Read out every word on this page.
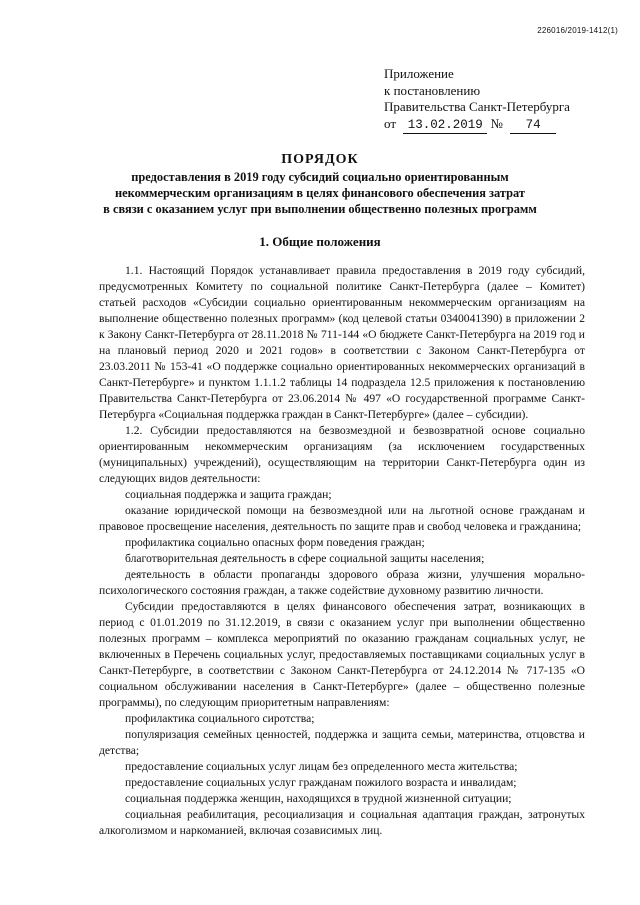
226016/2019-1412(1)
Приложение
к постановлению
Правительства Санкт-Петербурга
от 13.02.2019 № 74
ПОРЯДОК
предоставления в 2019 году субсидий социально ориентированным
некоммерческим организациям в целях финансового обеспечения затрат
в связи с оказанием услуг при выполнении общественно полезных программ
1. Общие положения

1.1. Настоящий Порядок устанавливает правила предоставления в 2019 году субсидий, предусмотренных Комитету по социальной политике Санкт-Петербурга (далее – Комитет) статьей расходов «Субсидии социально ориентированным некоммерческим организациям на выполнение общественно полезных программ» (код целевой статьи 0340041390) в приложении 2 к Закону Санкт-Петербурга от 28.11.2018 № 711-144 «О бюджете Санкт-Петербурга на 2019 год и на плановый период 2020 и 2021 годов» в соответствии с Законом Санкт-Петербурга от 23.03.2011 № 153-41 «О поддержке социально ориентированных некоммерческих организаций в Санкт-Петербурге» и пунктом 1.1.1.2 таблицы 14 подраздела 12.5 приложения к постановлению Правительства Санкт-Петербурга от 23.06.2014 № 497 «О государственной программе Санкт-Петербурга «Социальная поддержка граждан в Санкт-Петербурге» (далее – субсидии).

1.2. Субсидии предоставляются на безвозмездной и безвозвратной основе социально ориентированным некоммерческим организациям (за исключением государственных (муниципальных) учреждений), осуществляющим на территории Санкт-Петербурга один из следующих видов деятельности:

социальная поддержка и защита граждан;

оказание юридической помощи на безвозмездной или на льготной основе гражданам и правовое просвещение населения, деятельность по защите прав и свобод человека и гражданина;

профилактика социально опасных форм поведения граждан;

благотворительная деятельность в сфере социальной защиты населения;

деятельность в области пропаганды здорового образа жизни, улучшения морально-психологического состояния граждан, а также содействие духовному развитию личности.

Субсидии предоставляются в целях финансового обеспечения затрат, возникающих в период с 01.01.2019 по 31.12.2019, в связи с оказанием услуг при выполнении общественно полезных программ – комплекса мероприятий по оказанию гражданам социальных услуг, не включенных в Перечень социальных услуг, предоставляемых поставщиками социальных услуг в Санкт-Петербурге, в соответствии с Законом Санкт-Петербурга от 24.12.2014 № 717-135 «О социальном обслуживании населения в Санкт-Петербурге» (далее – общественно полезные программы), по следующим приоритетным направлениям:

профилактика социального сиротства;

популяризация семейных ценностей, поддержка и защита семьи, материнства, отцовства и детства;

предоставление социальных услуг лицам без определенного места жительства;

предоставление социальных услуг гражданам пожилого возраста и инвалидам;

социальная поддержка женщин, находящихся в трудной жизненной ситуации;

социальная реабилитация, ресоциализация и социальная адаптация граждан, затронутых алкоголизмом и наркоманией, включая созависимых лиц.
